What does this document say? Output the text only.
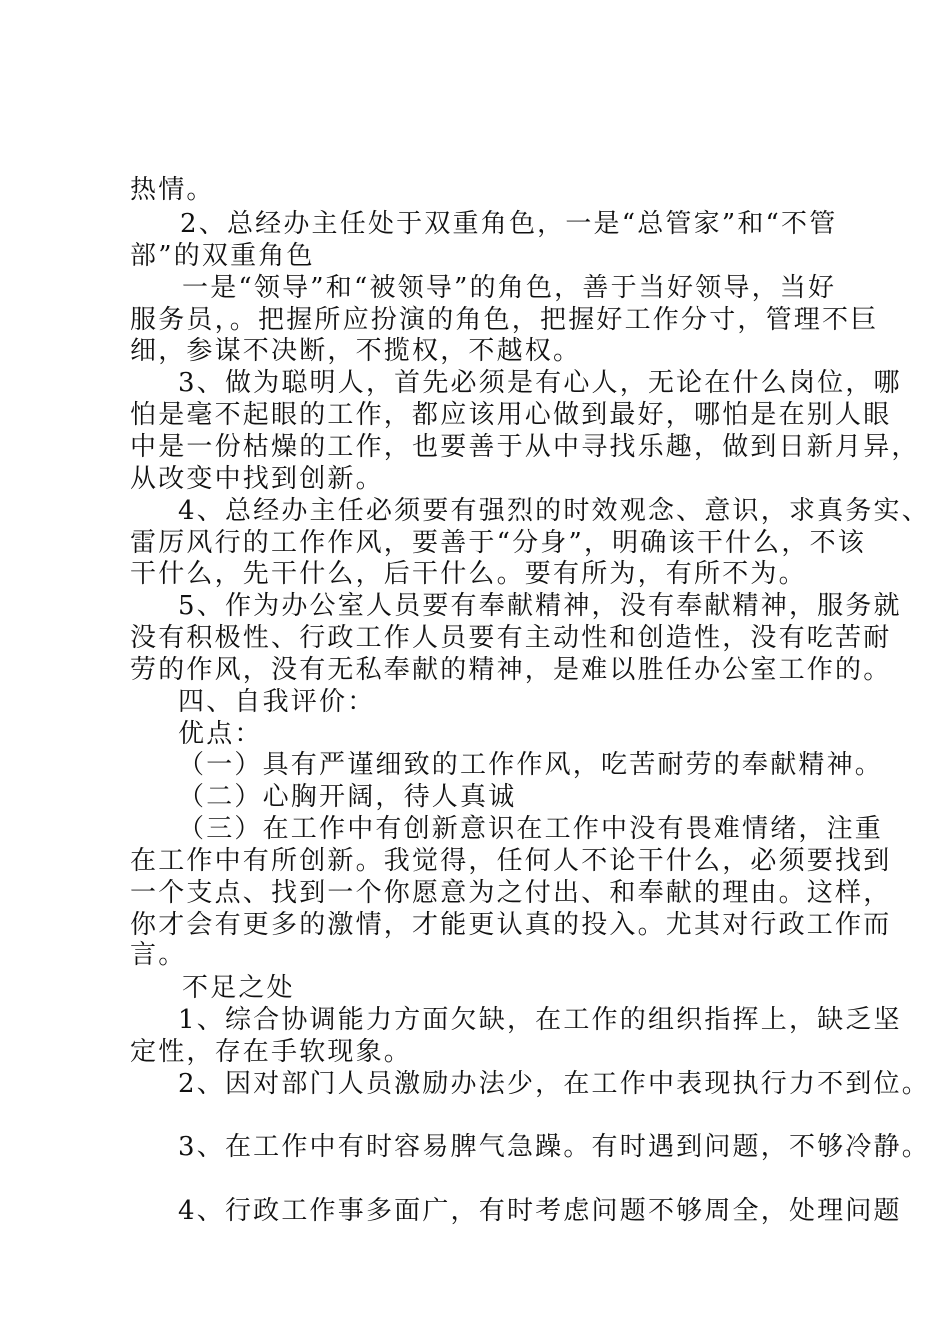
热情。
2、总经办主任处于双重角色，一是“总管家”和“不管
部”的双重角色
一是“领导”和“被领导”的角色，善于当好领导，当好
服务员，。把握所应扮演的角色，把握好工作分寸，管理不巨
细，参谋不决断，不揽权，不越权。
3、做为聪明人，首先必须是有心人，无论在什么岗位，哪
怕是毫不起眼的工作，都应该用心做到最好，哪怕是在别人眼
中是一份枯燥的工作，也要善于从中寻找乐趣，做到日新月异，
从改变中找到创新。
4、总经办主任必须要有强烈的时效观念、意识，求真务实、
雷厉风行的工作作风，要善于“分身”，明确该干什么，不该
干什么，先干什么，后干什么。要有所为，有所不为。
5、作为办公室人员要有奉献精神，没有奉献精神，服务就
没有积极性、行政工作人员要有主动性和创造性，没有吃苦耐
劳的作风，没有无私奉献的精神，是难以胜任办公室工作的。
四、自我评价：
优点：
（一）具有严谨细致的工作作风，吃苦耐劳的奉献精神。
（二）心胸开阔，待人真诚
（三）在工作中有创新意识在工作中没有畏难情绪，注重
在工作中有所创新。我觉得，任何人不论干什么，必须要找到
一个支点、找到一个你愿意为之付出、和奉献的理由。这样，
你才会有更多的激情，才能更认真的投入。尤其对行政工作而
言。
不足之处
1、综合协调能力方面欠缺，在工作的组织指挥上，缺乏坚
定性，存在手软现象。
2、因对部门人员激励办法少，在工作中表现执行力不到位。
3、在工作中有时容易脾气急躁。有时遇到问题，不够冷静。
4、行政工作事多面广，有时考虑问题不够周全，处理问题
